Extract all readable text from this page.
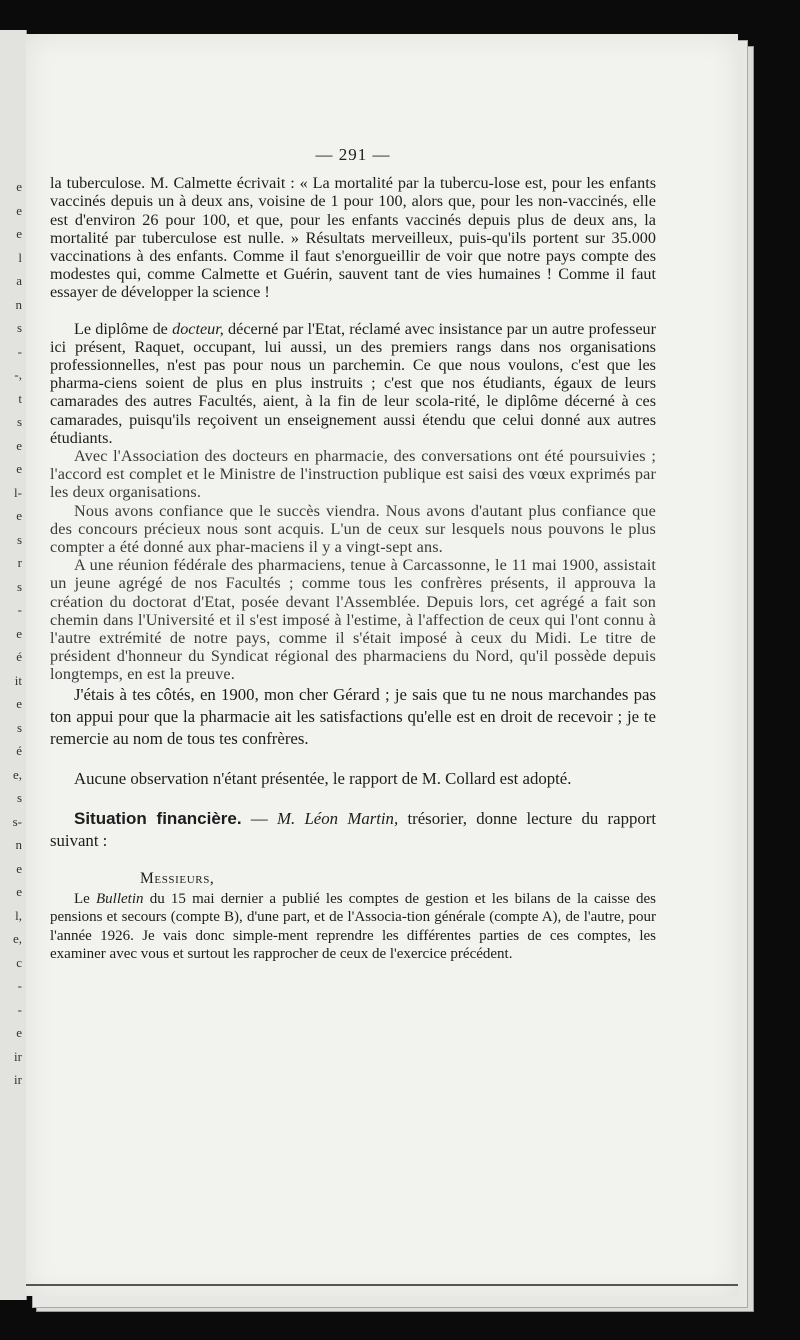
e
e
e
l
a
n
s
-
-,
t
s
e
e
l-
e
s
r
s
-
e
é
it
e
s
é
e,
s
s-
n
e
e
l,
e,
c
-
-
e
ir
ir
— 291 —

la tuberculose. M. Calmette écrivait : « La mortalité par la tubercu-lose est, pour les enfants vaccinés depuis un à deux ans, voisine de 1 pour 100, alors que, pour les non-vaccinés, elle est d'environ 26 pour 100, et que, pour les enfants vaccinés depuis plus de deux ans, la mortalité par tuberculose est nulle. » Résultats merveilleux, puis-qu'ils portent sur 35.000 vaccinations à des enfants. Comme il faut s'enorgueillir de voir que notre pays compte des modestes qui, comme Calmette et Guérin, sauvent tant de vies humaines ! Comme il faut essayer de développer la science !

Le diplôme de docteur, décerné par l'Etat, réclamé avec insistance par un autre professeur ici présent, Raquet, occupant, lui aussi, un des premiers rangs dans nos organisations professionnelles, n'est pas pour nous un parchemin. Ce que nous voulons, c'est que les pharma-ciens soient de plus en plus instruits ; c'est que nos étudiants, égaux de leurs camarades des autres Facultés, aient, à la fin de leur scola-rité, le diplôme décerné à ces camarades, puisqu'ils reçoivent un enseignement aussi étendu que celui donné aux autres étudiants.

Avec l'Association des docteurs en pharmacie, des conversations ont été poursuivies ; l'accord est complet et le Ministre de l'instruction publique est saisi des vœux exprimés par les deux organisations.

Nous avons confiance que le succès viendra. Nous avons d'autant plus confiance que des concours précieux nous sont acquis. L'un de ceux sur lesquels nous pouvons le plus compter a été donné aux phar-maciens il y a vingt-sept ans.

A une réunion fédérale des pharmaciens, tenue à Carcassonne, le 11 mai 1900, assistait un jeune agrégé de nos Facultés ; comme tous les confrères présents, il approuva la création du doctorat d'Etat, posée devant l'Assemblée. Depuis lors, cet agrégé a fait son chemin dans l'Université et il s'est imposé à l'estime, à l'affection de ceux qui l'ont connu à l'autre extrémité de notre pays, comme il s'était imposé à ceux du Midi. Le titre de président d'honneur du Syndicat régional des pharmaciens du Nord, qu'il possède depuis longtemps, en est la preuve.

J'étais à tes côtés, en 1900, mon cher Gérard ; je sais que tu ne nous marchandes pas ton appui pour que la pharmacie ait les satisfactions qu'elle est en droit de recevoir ; je te remercie au nom de tous tes confrères.

Aucune observation n'étant présentée, le rapport de M. Collard est adopté.

Situation financière. — M. Léon Martin, trésorier, donne lecture du rapport suivant :

Messieurs,

Le Bulletin du 15 mai dernier a publié les comptes de gestion et les bilans de la caisse des pensions et secours (compte B), d'une part, et de l'Associa-tion générale (compte A), de l'autre, pour l'année 1926. Je vais donc simple-ment reprendre les différentes parties de ces comptes, les examiner avec vous et surtout les rapprocher de ceux de l'exercice précédent.
